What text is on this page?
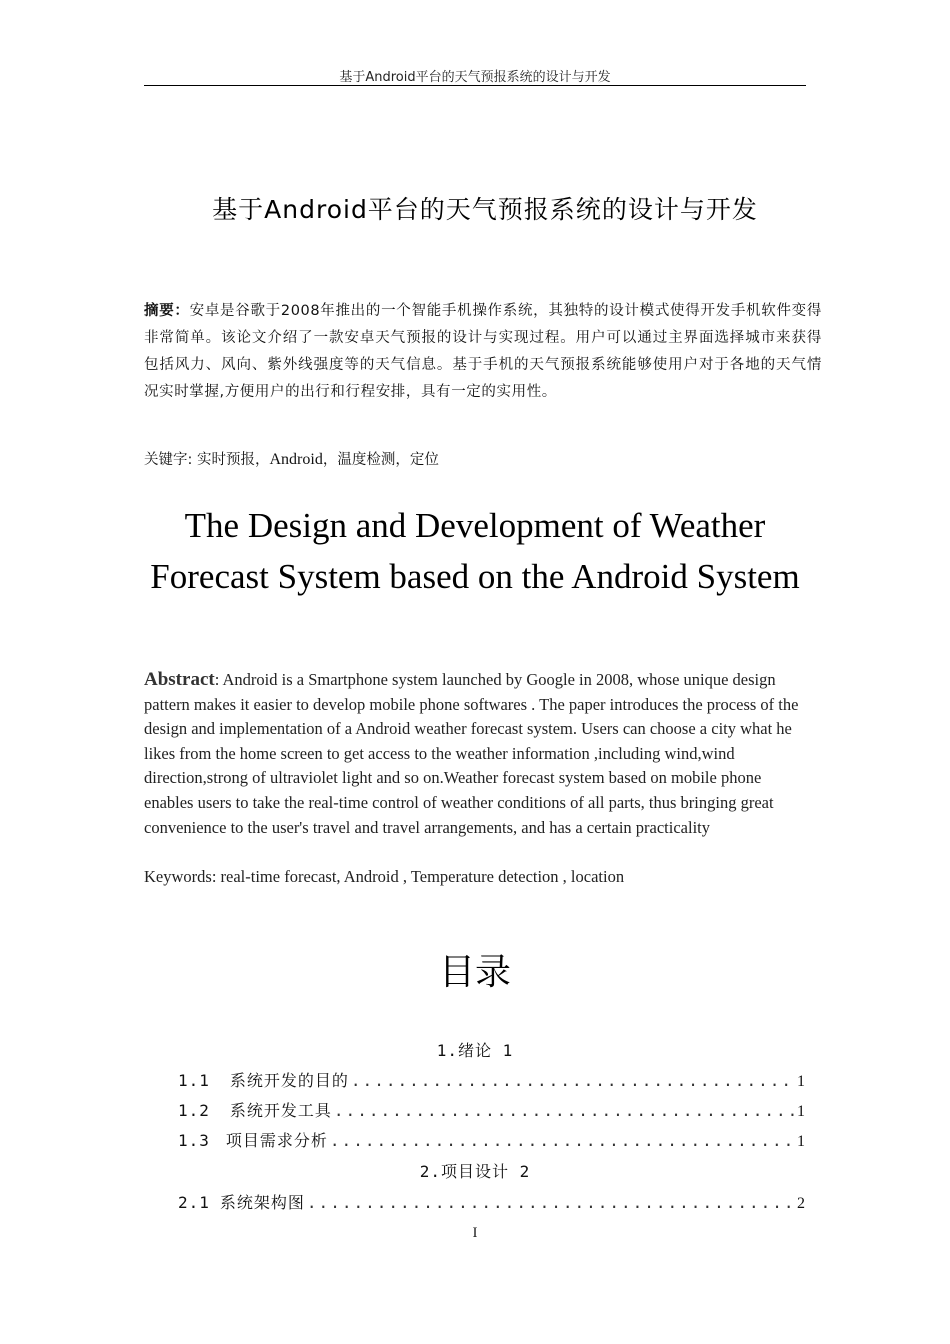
基于Android平台的天气预报系统的设计与开发
基于Android平台的天气预报系统的设计与开发
摘要：安卓是谷歌于2008年推出的一个智能手机操作系统，其独特的设计模式使得开发手机软件变得非常简单。该论文介绍了一款安卓天气预报的设计与实现过程。用户可以通过主界面选择城市来获得包括风力、风向、紫外线强度等的天气信息。基于手机的天气预报系统能够使用户对于各地的天气情况实时掌握,方便用户的出行和行程安排，具有一定的实用性。
关键字: 实时预报，Android，温度检测，定位
The Design and Development of Weather
Forecast System based on the Android System
Abstract: Android is a Smartphone system launched by Google in 2008, whose unique design pattern makes it easier to develop mobile phone softwares . The paper introduces the process of the design and implementation of a Android weather forecast system. Users can choose a city what he likes from the home screen to get access to the weather information ,including wind,wind direction,strong of ultraviolet light and so on.Weather forecast system based on mobile phone enables users to take the real-time control of weather conditions of all parts, thus bringing great convenience to the user's travel and travel arrangements, and has a certain practicality
Keywords: real-time forecast, Android , Temperature detection , location
目录
1.绪论 1
1.1 系统开发的目的 .....	1
1.2 系统开发工具 .....	1
1.3 项目需求分析 .....	1
2.项目设计 2
2.1 系统架构图 .....	2
I
